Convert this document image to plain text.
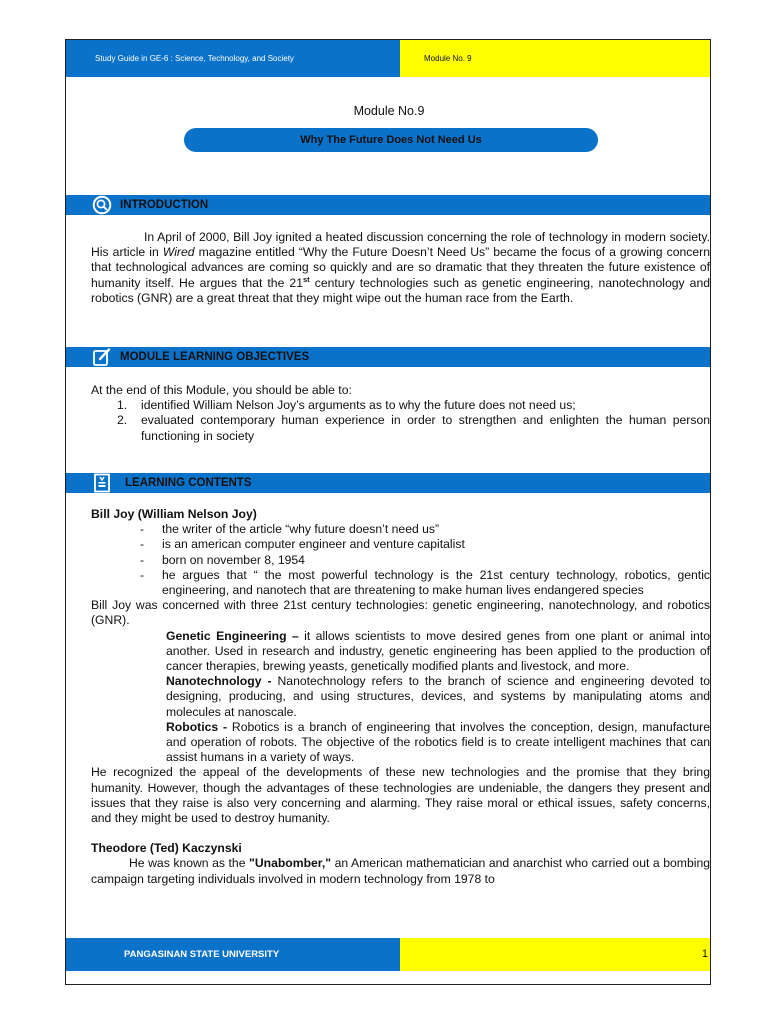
Study Guide in GE-6 : Science, Technology, and Society	Module No. 9
Module No.9
Why The Future Does Not Need Us
INTRODUCTION

In April of 2000, Bill Joy ignited a heated discussion concerning the role of technology in modern society. His article in Wired magazine entitled “Why the Future Doesn’t Need Us” became the focus of a growing concern that technological advances are coming so quickly and are so dramatic that they threaten the future existence of humanity itself. He argues that the 21st century technologies such as genetic engineering, nanotechnology and robotics (GNR) are a great threat that they might wipe out the human race from the Earth.

MODULE LEARNING OBJECTIVES

At the end of this Module, you should be able to:

1. identified William Nelson Joy’s arguments as to why the future does not need us;
2. evaluated contemporary human experience in order to strengthen and enlighten the human person functioning in society
LEARNING CONTENTS

Bill Joy (William Nelson Joy)

- the writer of the article “why future doesn’t need us”
- is an american computer engineer and venture capitalist
- born on november 8, 1954
- he argues that “ the most powerful technology is the 21st century technology, robotics, gentic engineering, and nanotech that are threatening to make human lives endangered species

Bill Joy was concerned with three 21st century technologies: genetic engineering, nanotechnology, and robotics (GNR).

Genetic Engineering – it allows scientists to move desired genes from one plant or animal into another. Used in research and industry, genetic engineering has been applied to the production of cancer therapies, brewing yeasts, genetically modified plants and livestock, and more.

Nanotechnology - Nanotechnology refers to the branch of science and engineering devoted to designing, producing, and using structures, devices, and systems by manipulating atoms and molecules at nanoscale.

Robotics - Robotics is a branch of engineering that involves the conception, design, manufacture and operation of robots. The objective of the robotics field is to create intelligent machines that can assist humans in a variety of ways.

He recognized the appeal of the developments of these new technologies and the promise that they bring humanity. However, though the advantages of these technologies are undeniable, the dangers they present and issues that they raise is also very concerning and alarming. They raise moral or ethical issues, safety concerns, and they might be used to destroy humanity.

Theodore (Ted) Kaczynski

He was known as the "Unabomber," an American mathematician and anarchist who carried out a bombing campaign targeting individuals involved in modern technology from 1978 to

PANGASINAN STATE UNIVERSITY	1
